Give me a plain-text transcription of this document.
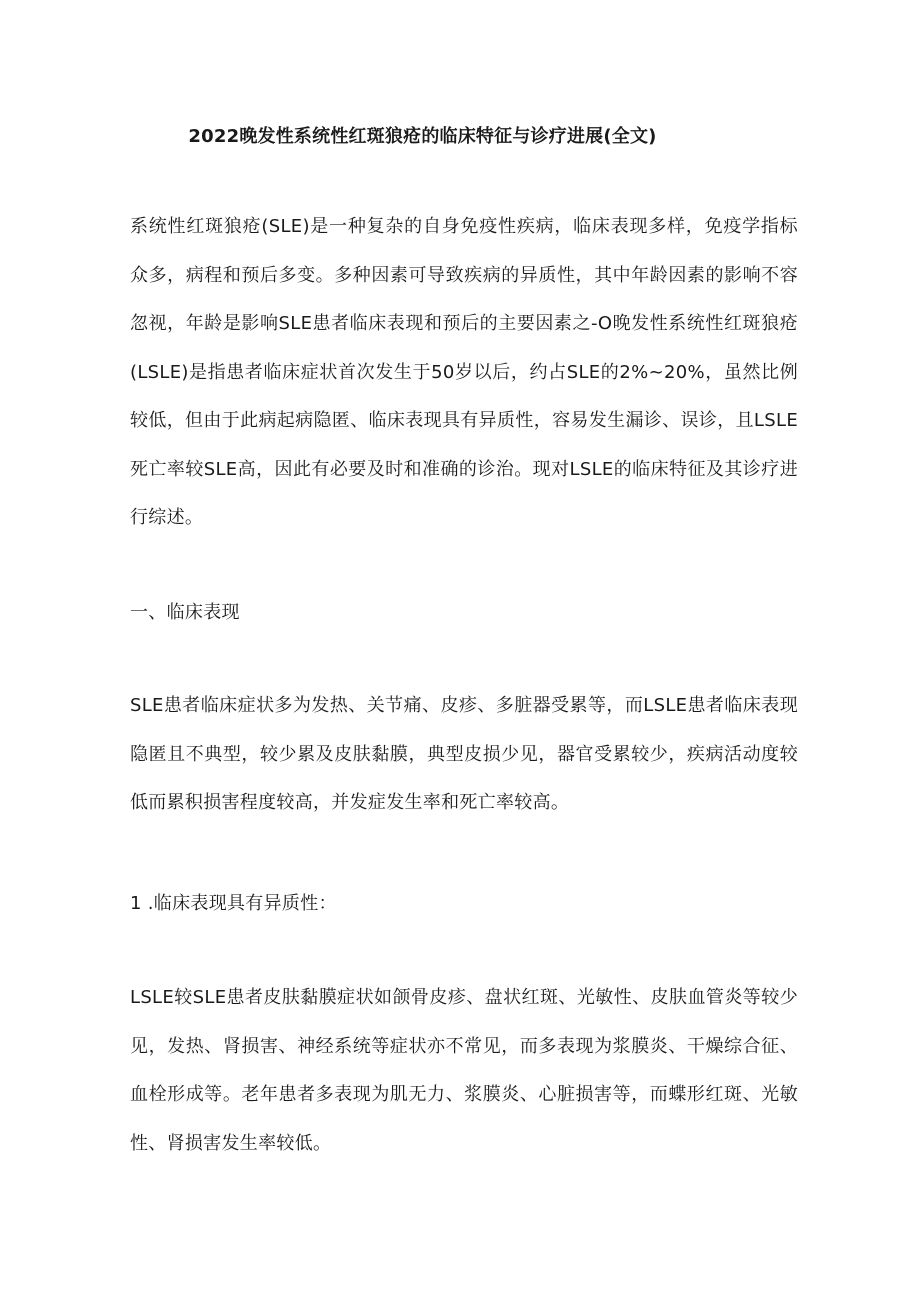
2022晚发性系统性红斑狼疮的临床特征与诊疗进展(全文)

系统性红斑狼疮(SLE)是一种复杂的自身免疫性疾病，临床表现多样，免疫学指标众多，病程和预后多变。多种因素可导致疾病的异质性，其中年龄因素的影响不容忽视，年龄是影响SLE患者临床表现和预后的主要因素之-O晚发性系统性红斑狼疮(LSLE)是指患者临床症状首次发生于50岁以后，约占SLE的2%~20%，虽然比例较低，但由于此病起病隐匿、临床表现具有异质性，容易发生漏诊、误诊，且LSLE死亡率较SLE高，因此有必要及时和准确的诊治。现对LSLE的临床特征及其诊疗进行综述。

一、临床表现

SLE患者临床症状多为发热、关节痛、皮疹、多脏器受累等，而LSLE患者临床表现隐匿且不典型，较少累及皮肤黏膜，典型皮损少见，器官受累较少，疾病活动度较低而累积损害程度较高，并发症发生率和死亡率较高。

1 .临床表现具有异质性：

LSLE较SLE患者皮肤黏膜症状如颌骨皮疹、盘状红斑、光敏性、皮肤血管炎等较少见，发热、肾损害、神经系统等症状亦不常见，而多表现为浆膜炎、干燥综合征、血栓形成等。老年患者多表现为肌无力、浆膜炎、心脏损害等，而蝶形红斑、光敏性、肾损害发生率较低。
